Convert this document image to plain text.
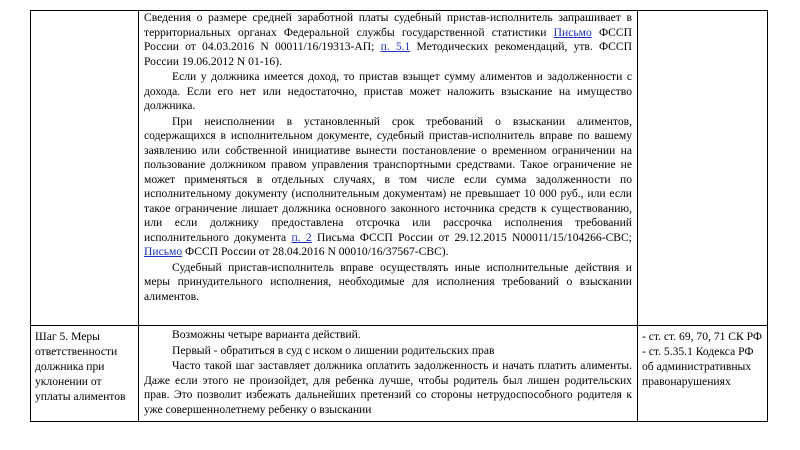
	Сведения о размере средней заработной платы судебный пристав-исполнитель запрашивает в территориальных органах Федеральной службы государственной статистики Письмо ФССП России от 04.03.2016 N 00011/16/19313-АП; п. 5.1 Методических рекомендаций, утв. ФССП России 19.06.2012 N 01-16).

Если у должника имеется доход, то пристав взыщет сумму алиментов и задолженности с дохода. Если его нет или недостаточно, пристав может наложить взыскание на имущество должника.

При неисполнении в установленный срок требований о взыскании алиментов, содержащихся в исполнительном документе, судебный пристав-исполнитель вправе по вашему заявлению или собственной инициативе вынести постановление о временном ограничении на пользование должником правом управления транспортными средствами. Такое ограничение не может применяться в отдельных случаях, в том числе если сумма задолженности по исполнительному документу (исполнительным документам) не превышает 10 000 руб., или если такое ограничение лишает должника основного законного источника средств к существованию, или если должнику предоставлена отсрочка или рассрочка исполнения требований исполнительного документа п. 2 Письма ФССП России от 29.12.2015 N00011/15/104266-СВС; Письмо ФССП России от 28.04.2016 N 00010/16/37567-СВС).

Судебный пристав-исполнитель вправе осуществлять иные исполнительные действия и меры принудительного исполнения, необходимые для исполнения требований о взыскании алиментов.	

Шаг 5. Меры ответственности должника при уклонении от уплаты алиментов	Возможны четыре варианта действий.

Первый - обратиться в суд с иском о лишении родительских прав

Часто такой шаг заставляет должника оплатить задолженность и начать платить алименты. Даже если этого не произойдет, для ребенка лучше, чтобы родитель был лишен родительских прав. Это позволит избежать дальнейших претензий со стороны нетрудоспособного родителя к уже совершеннолетнему ребенку о взыскании	- ст. ст. 69, 70, 71 СК РФ - ст. 5.35.1 Кодекса РФ об административных правонарушениях
